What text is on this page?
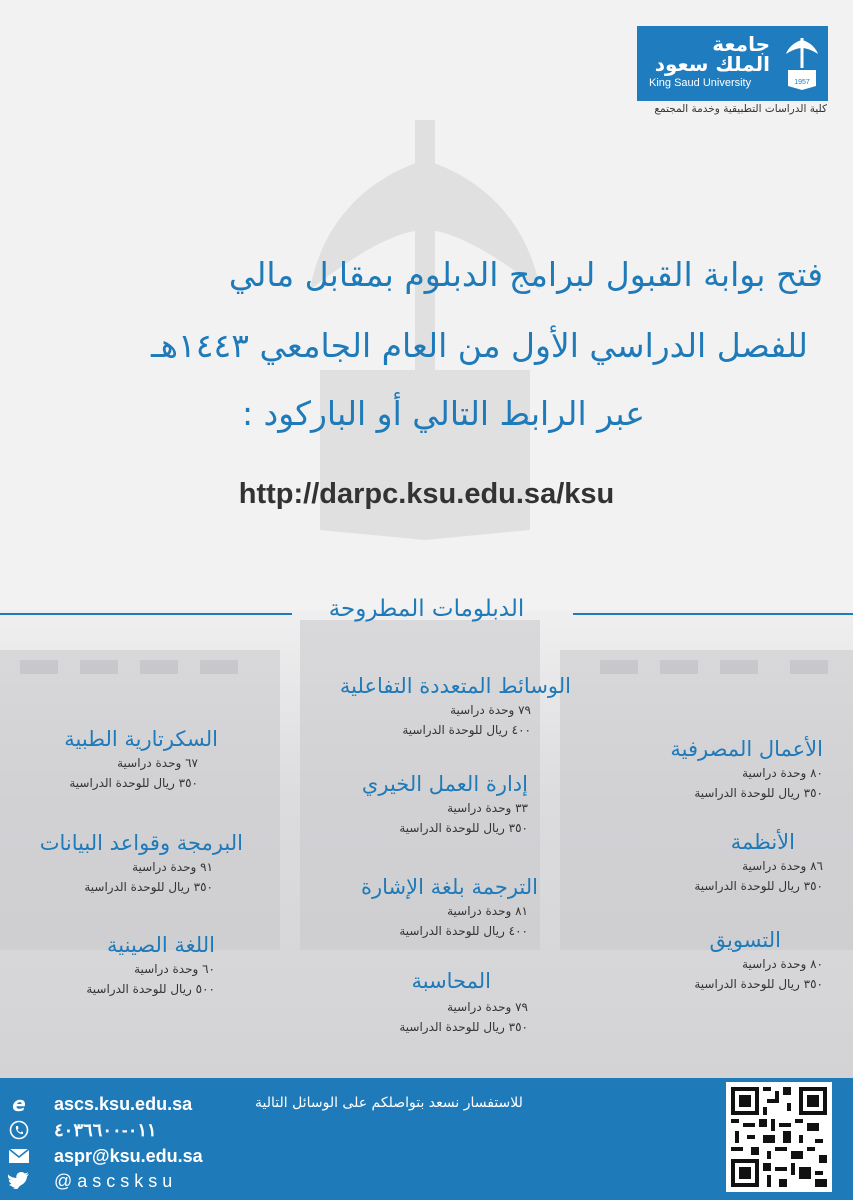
جامعة
الملك سعود
King Saud University	1957
كلية الدراسات التطبيقية وخدمة المجتمع
فتح بوابة القبول لبرامج الدبلوم بمقابل مالي
للفصل الدراسي الأول من العام الجامعي ١٤٤٣هـ
عبر الرابط التالي أو الباركود :
http://darpc.ksu.edu.sa/ksu
الدبلومات المطروحة
الوسائط المتعددة التفاعلية
٧٩ وحدة دراسية
٤٠٠ ريال للوحدة الدراسية
إدارة العمل الخيري
٣٣ وحدة دراسية
٣٥٠ ريال للوحدة الدراسية
الترجمة بلغة الإشارة
٨١ وحدة دراسية
٤٠٠ ريال للوحدة الدراسية
المحاسبة
٧٩ وحدة دراسية
٣٥٠ ريال للوحدة الدراسية
السكرتارية الطبية
٦٧ وحدة دراسية
٣٥٠ ريال للوحدة الدراسية
البرمجة وقواعد البيانات
٩١ وحدة دراسية
٣٥٠ ريال للوحدة الدراسية
اللغة الصينية
٦٠ وحدة دراسية
٥٠٠ ريال للوحدة الدراسية
الأعمال المصرفية
٨٠ وحدة دراسية
٣٥٠ ريال للوحدة الدراسية
الأنظمة
٨٦ وحدة دراسية
٣٥٠ ريال للوحدة الدراسية
التسويق
٨٠ وحدة دراسية
٣٥٠ ريال للوحدة الدراسية
للاستفسار نسعد بتواصلكم على الوسائل التالية
e ascs.ksu.edu.sa
٠١١-٤٠٣٦٦٠٠
aspr@ksu.edu.sa
@ascsksu
